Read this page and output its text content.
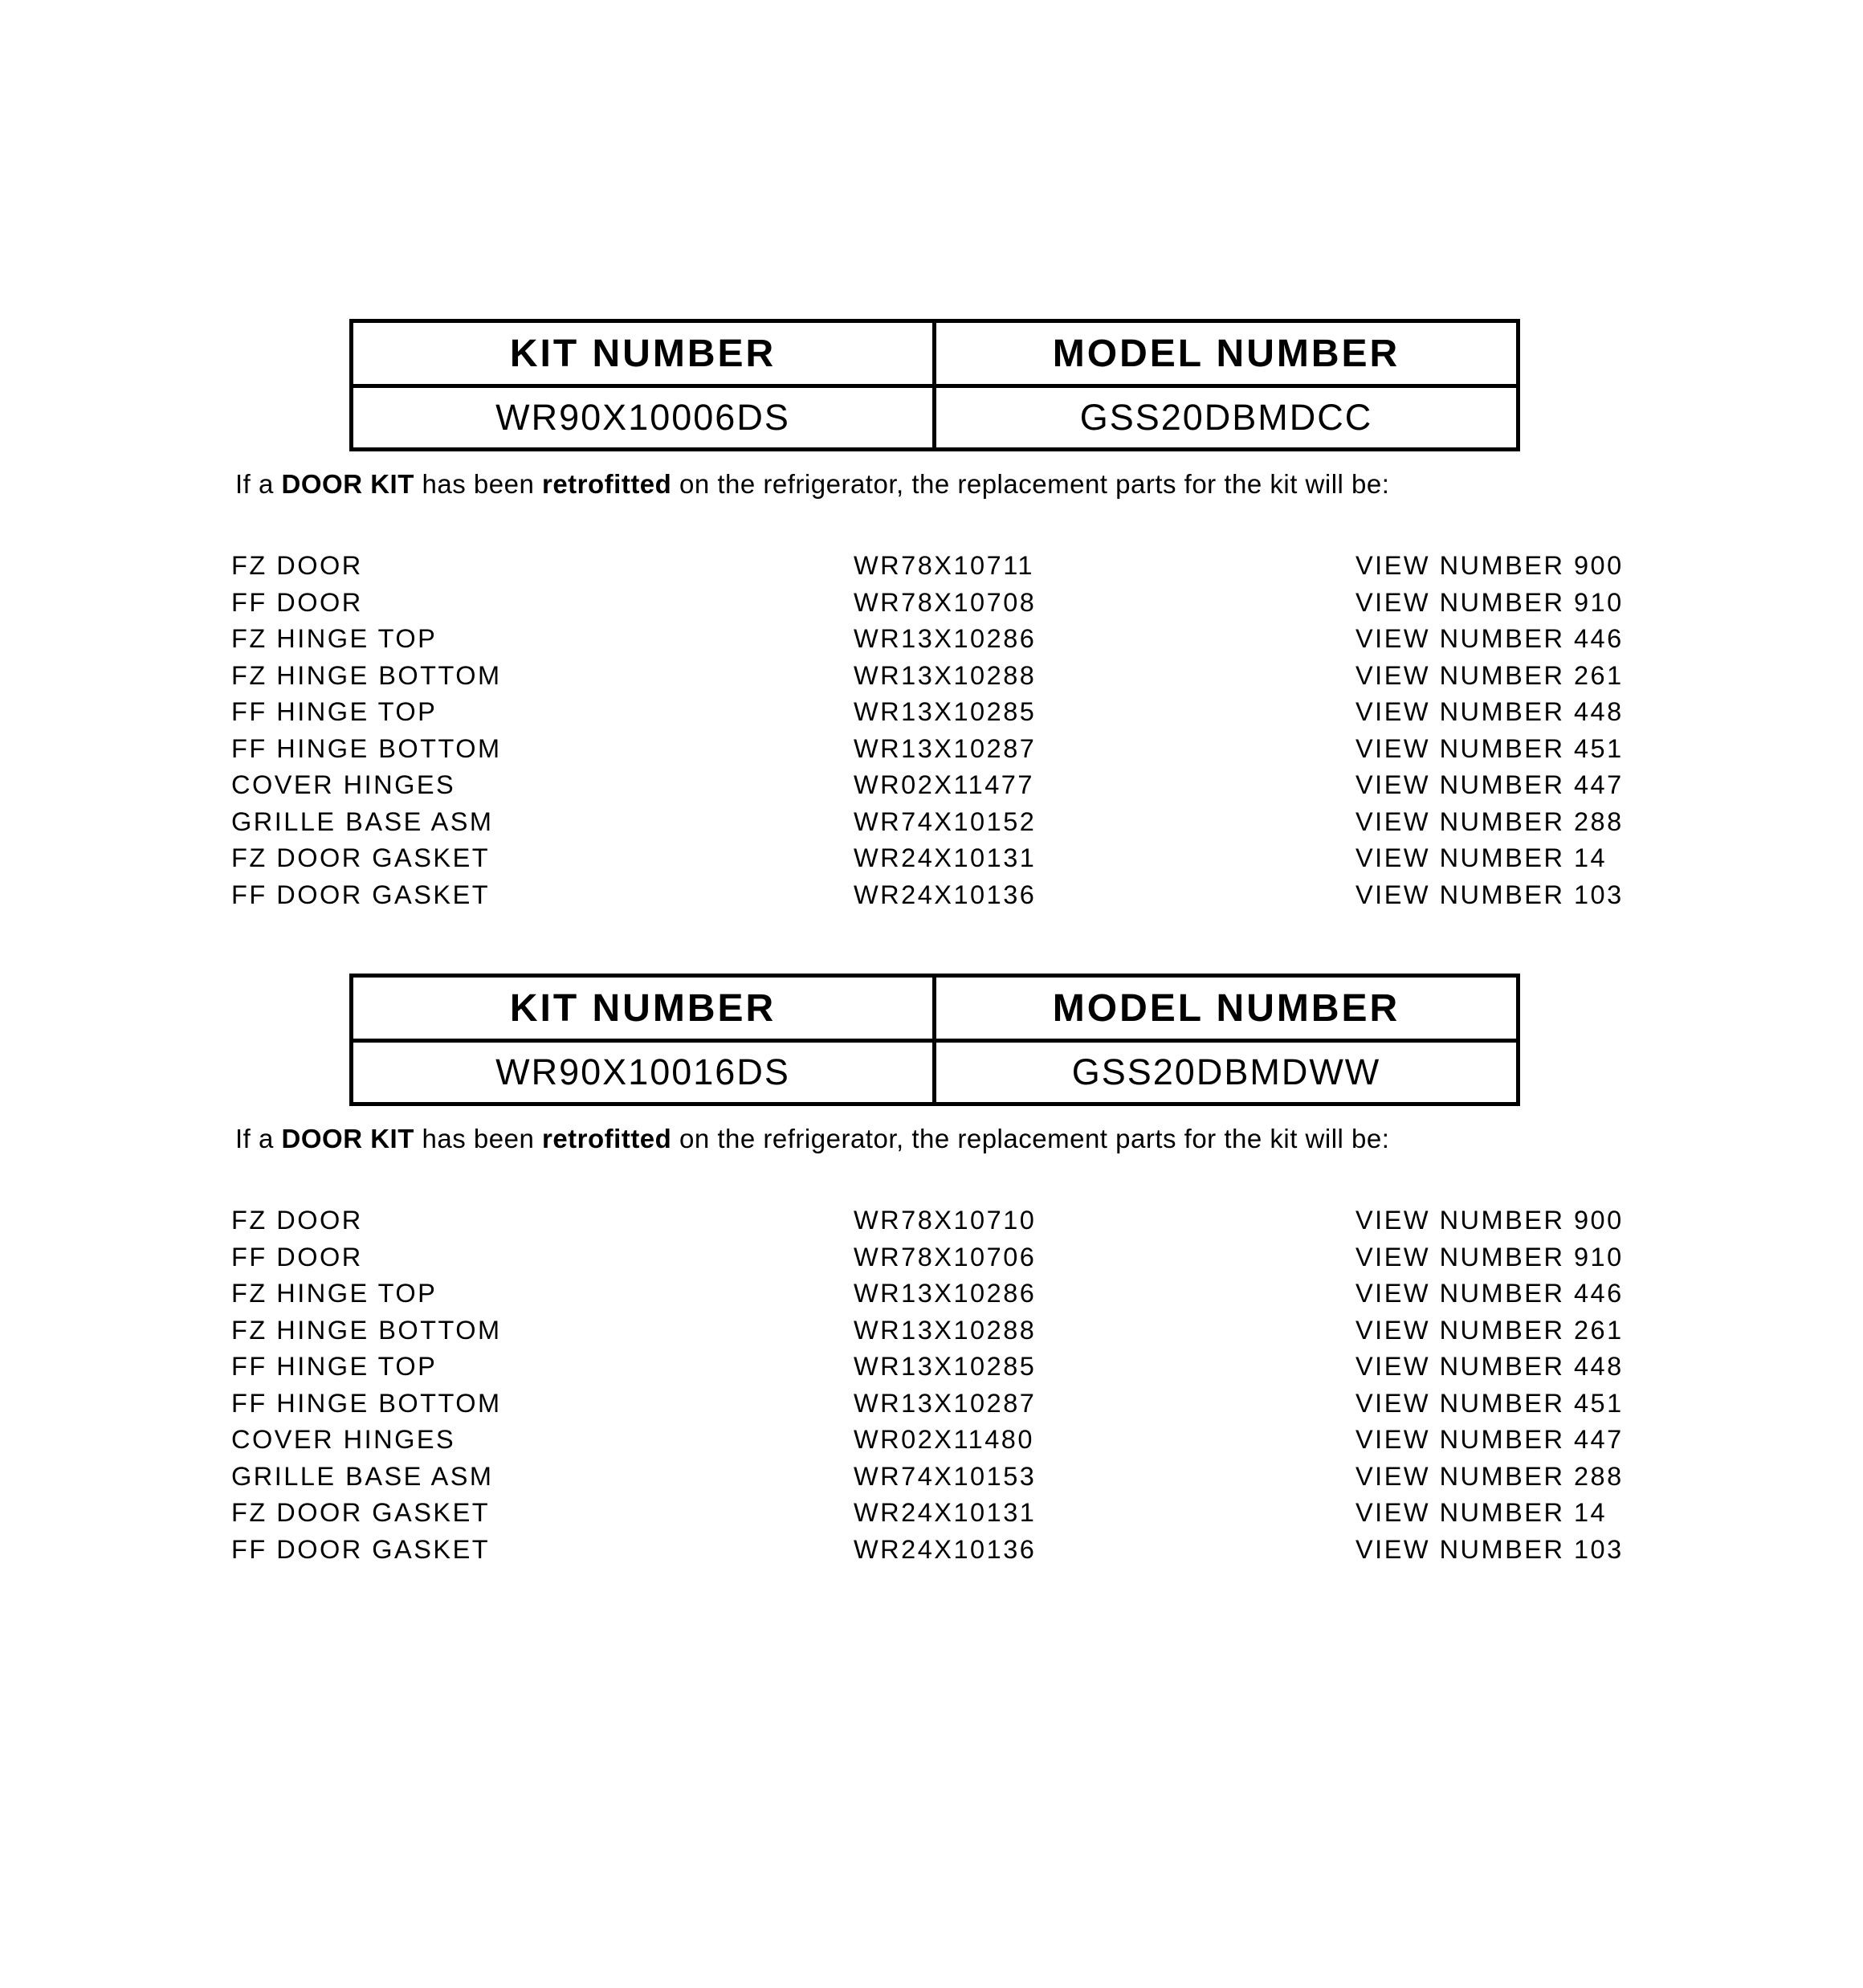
KIT NUMBER	MODEL NUMBER
WR90X10006DS	GSS20DBMDCC
If a DOOR KIT has been retrofitted on the refrigerator, the replacement parts for the kit will be:
FZ DOOR	WR78X10711	VIEW NUMBER 900
FF DOOR	WR78X10708	VIEW NUMBER 910
FZ HINGE TOP	WR13X10286	VIEW NUMBER 446
FZ HINGE BOTTOM	WR13X10288	VIEW NUMBER 261
FF HINGE TOP	WR13X10285	VIEW NUMBER 448
FF HINGE BOTTOM	WR13X10287	VIEW NUMBER 451
COVER HINGES	WR02X11477	VIEW NUMBER 447
GRILLE BASE ASM	WR74X10152	VIEW NUMBER 288
FZ DOOR GASKET	WR24X10131	VIEW NUMBER 14
FF DOOR GASKET	WR24X10136	VIEW NUMBER 103
KIT NUMBER	MODEL NUMBER
WR90X10016DS	GSS20DBMDWW
If a DOOR KIT has been retrofitted on the refrigerator, the replacement parts for the kit will be:
FZ DOOR	WR78X10710	VIEW NUMBER 900
FF DOOR	WR78X10706	VIEW NUMBER 910
FZ HINGE TOP	WR13X10286	VIEW NUMBER 446
FZ HINGE BOTTOM	WR13X10288	VIEW NUMBER 261
FF HINGE TOP	WR13X10285	VIEW NUMBER 448
FF HINGE BOTTOM	WR13X10287	VIEW NUMBER 451
COVER HINGES	WR02X11480	VIEW NUMBER 447
GRILLE BASE ASM	WR74X10153	VIEW NUMBER 288
FZ DOOR GASKET	WR24X10131	VIEW NUMBER 14
FF DOOR GASKET	WR24X10136	VIEW NUMBER 103
